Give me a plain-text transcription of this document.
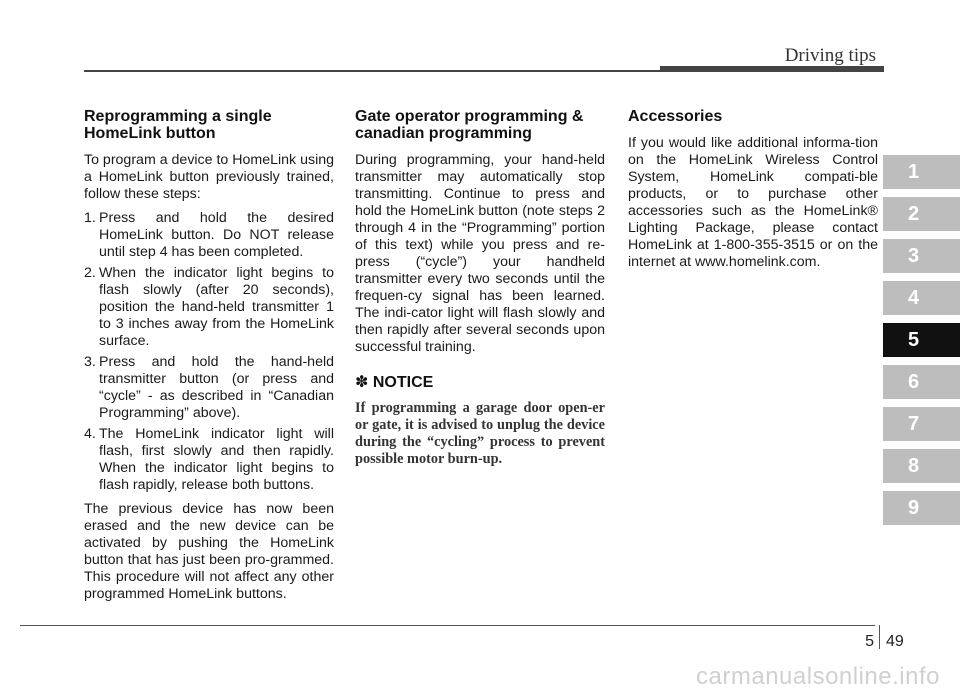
Driving tips
Reprogramming a single
HomeLink button

To program a device to HomeLink using a HomeLink button previously trained, follow these steps:

1. Press and hold the desired HomeLink button. Do NOT release until step 4 has been completed.
2. When the indicator light begins to flash slowly (after 20 seconds), position the hand-held transmitter 1 to 3 inches away from the HomeLink surface.
3. Press and hold the hand-held transmitter button (or press and “cycle” - as described in “Canadian Programming” above).
4. The HomeLink indicator light will flash, first slowly and then rapidly. When the indicator light begins to flash rapidly, release both buttons.

The previous device has now been erased and the new device can be activated by pushing the HomeLink button that has just been pro-grammed. This procedure will not affect any other programmed HomeLink buttons.

Gate operator programming &
canadian programming

During programming, your hand-held transmitter may automatically stop transmitting. Continue to press and hold the HomeLink button (note steps 2 through 4 in the “Programming” portion of this text) while you press and re-press (“cycle”) your handheld transmitter every two seconds until the frequen-cy signal has been learned. The indi-cator light will flash slowly and then rapidly after several seconds upon successful training.

✽ NOTICE
If programming a garage door open-er or gate, it is advised to unplug the device during the “cycling” process to prevent possible motor burn-up.
Accessories

If you would like additional informa-tion on the HomeLink Wireless Control System, HomeLink compati-ble products, or to purchase other accessories such as the HomeLink® Lighting Package, please contact HomeLink at 1-800-355-3515 or on the internet at www.homelink.com.

1
2
3
4
5
6
7
8
9
5 49
carmanualsonline.info
